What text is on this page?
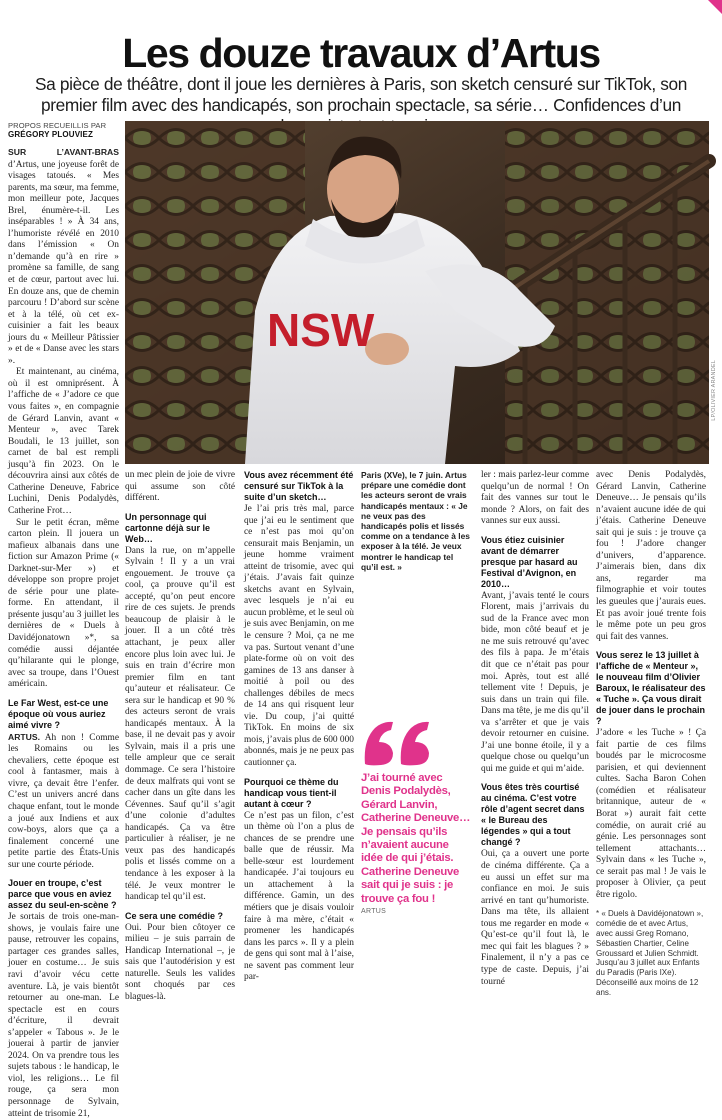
Les douze travaux d’Artus

Sa pièce de théâtre, dont il joue les dernières à Paris, son sketch censuré sur TikTok, son premier film avec des handicapés, son prochain spectacle, sa série… Confidences d’un

PROPOS RECUEILLIS PAR
GRÉGORY PLOUVIEZ

SUR L’AVANT-BRAS d’Artus, une joyeuse forêt de visages tatoués. « Mes parents, ma sœur, ma femme, mon meilleur pote, Jacques Brel, énumère-t-il. Les inséparables ! » À 34 ans, l’humoriste révélé en 2010 dans l’émission « On n’demande qu’à en rire » promène sa famille, de sang et de cœur, partout avec lui. En douze ans, que de chemin parcouru ! D’abord sur scène et à la télé, où cet ex-cuisinier a fait les beaux jours du « Meilleur Pâtissier » et de « Danse avec les stars ».

Et maintenant, au cinéma, où il est omniprésent. À l’affiche de « J’adore ce que vous faites », en compagnie de Gérard Lanvin, avant « Menteur », avec Tarek Boudali, le 13 juillet, son carnet de bal est rempli jusqu’à fin 2023. On le découvrira ainsi aux côtés de Catherine Deneuve, Fabrice Luchini, Denis Podalydès, Catherine Frot…

Sur le petit écran, même carton plein. Il jouera un mafieux albanais dans une fiction sur Amazon Prime (« Darknet-sur-Mer ») et développe son propre projet de série pour une plate-forme. En attendant, il présente jusqu’au 3 juillet les dernières de « Duels à Davidéjonatown »*, sa comédie aussi déjantée qu’hilarante qui le plonge, avec sa troupe, dans l’Ouest américain.

Le Far West, est-ce une époque où vous auriez aimé vivre ?

ARTUS. Ah non ! Comme les Romains ou les chevaliers, cette époque est cool à fantasmer, mais à vivre, ça devait être l’enfer. C’est un univers ancré dans chaque enfant, tout le monde a joué aux Indiens et aux cow-boys, alors que ça a finalement concerné une petite partie des États-Unis sur une courte période.

Jouer en troupe, c’est parce que vous en aviez assez du seul-en-scène ?

Je sortais de trois one-man-shows, je voulais faire une pause, retrouver les copains, partager ces grandes salles, jouer en costume… Je suis ravi d’avoir vécu cette aventure. Là, je vais bientôt retourner au one-man. Le spectacle est en cours d’écriture, il devrait s’appeler « Tabous ». Je le jouerai à partir de janvier 2024. On va prendre tous les sujets tabous : le handicap, le viol, les religions… Le fil rouge, ça sera mon personnage de Sylvain, atteint de trisomie 21,

NSW
LP/OLIVIER ARANDEL

un mec plein de joie de vivre qui assume son côté différent.

Un personnage qui cartonne déjà sur le Web…

Dans la rue, on m’appelle Sylvain ! Il y a un vrai engouement. Je trouve ça cool, ça prouve qu’il est accepté, qu’on peut encore rire de ces sujets. Je prends beaucoup de plaisir à le jouer. Il a un côté très attachant, je peux aller encore plus loin avec lui. Je suis en train d’écrire mon premier film en tant qu’auteur et réalisateur. Ce sera sur le handicap et 90 % des acteurs seront de vrais handicapés mentaux. À la base, il ne devait pas y avoir Sylvain, mais il a pris une telle ampleur que ce serait dommage. Ce sera l’histoire de deux malfrats qui vont se cacher dans un gîte dans les Cévennes. Sauf qu’il s’agit d’une colonie d’adultes handicapés. Ça va être particulier à réaliser, je ne veux pas des handicapés polis et lissés comme on a tendance à les exposer à la télé. Je veux montrer le handicap tel qu’il est.

Ce sera une comédie ?

Oui. Pour bien côtoyer ce milieu – je suis parrain de Handicap International –, je sais que l’autodérision y est naturelle. Seuls les valides sont choqués par ces blagues-là.

Vous avez récemment été censuré sur TikTok à la suite d’un sketch…

Je l’ai pris très mal, parce que j’ai eu le sentiment que ce n’est pas moi qu’on censurait mais Benjamin, un jeune homme vraiment atteint de trisomie, avec qui j’étais. J’avais fait quinze sketchs avant en Sylvain, avec lesquels je n’ai eu aucun problème, et le seul où je suis avec Benjamin, on me le censure ? Moi, ça ne me va pas. Surtout venant d’une plate-forme où on voit des gamines de 13 ans danser à moitié à poil ou des challenges débiles de mecs de 14 ans qui risquent leur vie. Du coup, j’ai quitté TikTok. En moins de six mois, j’avais plus de 600 000 abonnés, mais je ne peux pas cautionner ça.

Pourquoi ce thème du handicap vous tient-il autant à cœur ?

Ce n’est pas un filon, c’est un thème où l’on a plus de chances de se prendre une balle que de réussir. Ma belle-sœur est lourdement handicapée. J’ai toujours eu un attachement à la différence. Gamin, un des métiers que je disais vouloir faire à ma mère, c’était « promener les handicapés dans les parcs ». Il y a plein de gens qui sont mal à l’aise, ne savent pas comment leur par-

Paris (XVe), le 7 juin. Artus prépare une comédie dont les acteurs seront de vrais handicapés mentaux : « Je ne veux pas des handicapés polis et lissés comme on a tendance à les exposer à la télé. Je veux montrer le handicap tel qu’il est. »

J’ai tourné avec Denis Podalydès, Gérard Lanvin, Catherine Deneuve… Je pensais qu’ils n’avaient aucune idée de qui j’étais. Catherine Deneuve sait qui je suis : je trouve ça fou !
ARTUS

ler : mais parlez-leur comme quelqu’un de normal ! On fait des vannes sur tout le monde ? Alors, on fait des vannes sur eux aussi.

Vous étiez cuisinier avant de démarrer presque par hasard au Festival d’Avignon, en 2010…

Avant, j’avais tenté le cours Florent, mais j’arrivais du sud de la France avec mon bide, mon côté beauf et je ne me suis retrouvé qu’avec des fils à papa. Je m’étais dit que ce n’était pas pour moi. Après, tout est allé tellement vite ! Depuis, je suis dans un train qui file. Dans ma tête, je me dis qu’il va s’arrêter et que je vais devoir retourner en cuisine. J’ai une bonne étoile, il y a quelque chose ou quelqu’un qui me guide et qui m’aide.

Vous êtes très courtisé au cinéma. C’est votre rôle d’agent secret dans « le Bureau des légendes » qui a tout changé ?

Oui, ça a ouvert une porte de cinéma différente. Ça a eu aussi un effet sur ma confiance en moi. Je suis arrivé en tant qu’humoriste. Dans ma tête, ils allaient tous me regarder en mode « Qu’est-ce qu’il fout là, le mec qui fait les blagues ? » Finalement, il n’y a pas ce type de caste. Depuis, j’ai tourné

avec Denis Podalydès, Gérard Lanvin, Catherine Deneuve… Je pensais qu’ils n’avaient aucune idée de qui j’étais. Catherine Deneuve sait qui je suis : je trouve ça fou ! J’adore changer d’univers, d’apparence. J’aimerais bien, dans dix ans, regarder ma filmographie et voir toutes les gueules que j’aurais eues. Et pas avoir joué trente fois le même pote un peu gros qui fait des vannes.

Vous serez le 13 juillet à l’affiche de « Menteur », le nouveau film d’Olivier Baroux, le réalisateur des « Tuche ». Ça vous dirait de jouer dans le prochain ?

J’adore « les Tuche » ! Ça fait partie de ces films boudés par le microcosme parisien, et qui deviennent cultes. Sacha Baron Cohen (comédien et réalisateur britannique, auteur de « Borat ») aurait fait cette comédie, on aurait crié au génie. Les personnages sont tellement attachants… Sylvain dans « les Tuche », ce serait pas mal ! Je vais le proposer à Olivier, ça peut être rigolo.

* « Duels à Davidéjonatown », comédie de et avec Artus, avec aussi Greg Romano, Sébastien Chartier, Celine Groussard et Julien Schmidt. Jusqu’au 3 juillet aux Enfants du Paradis (Paris IXe). Déconseillé aux moins de 12 ans.
